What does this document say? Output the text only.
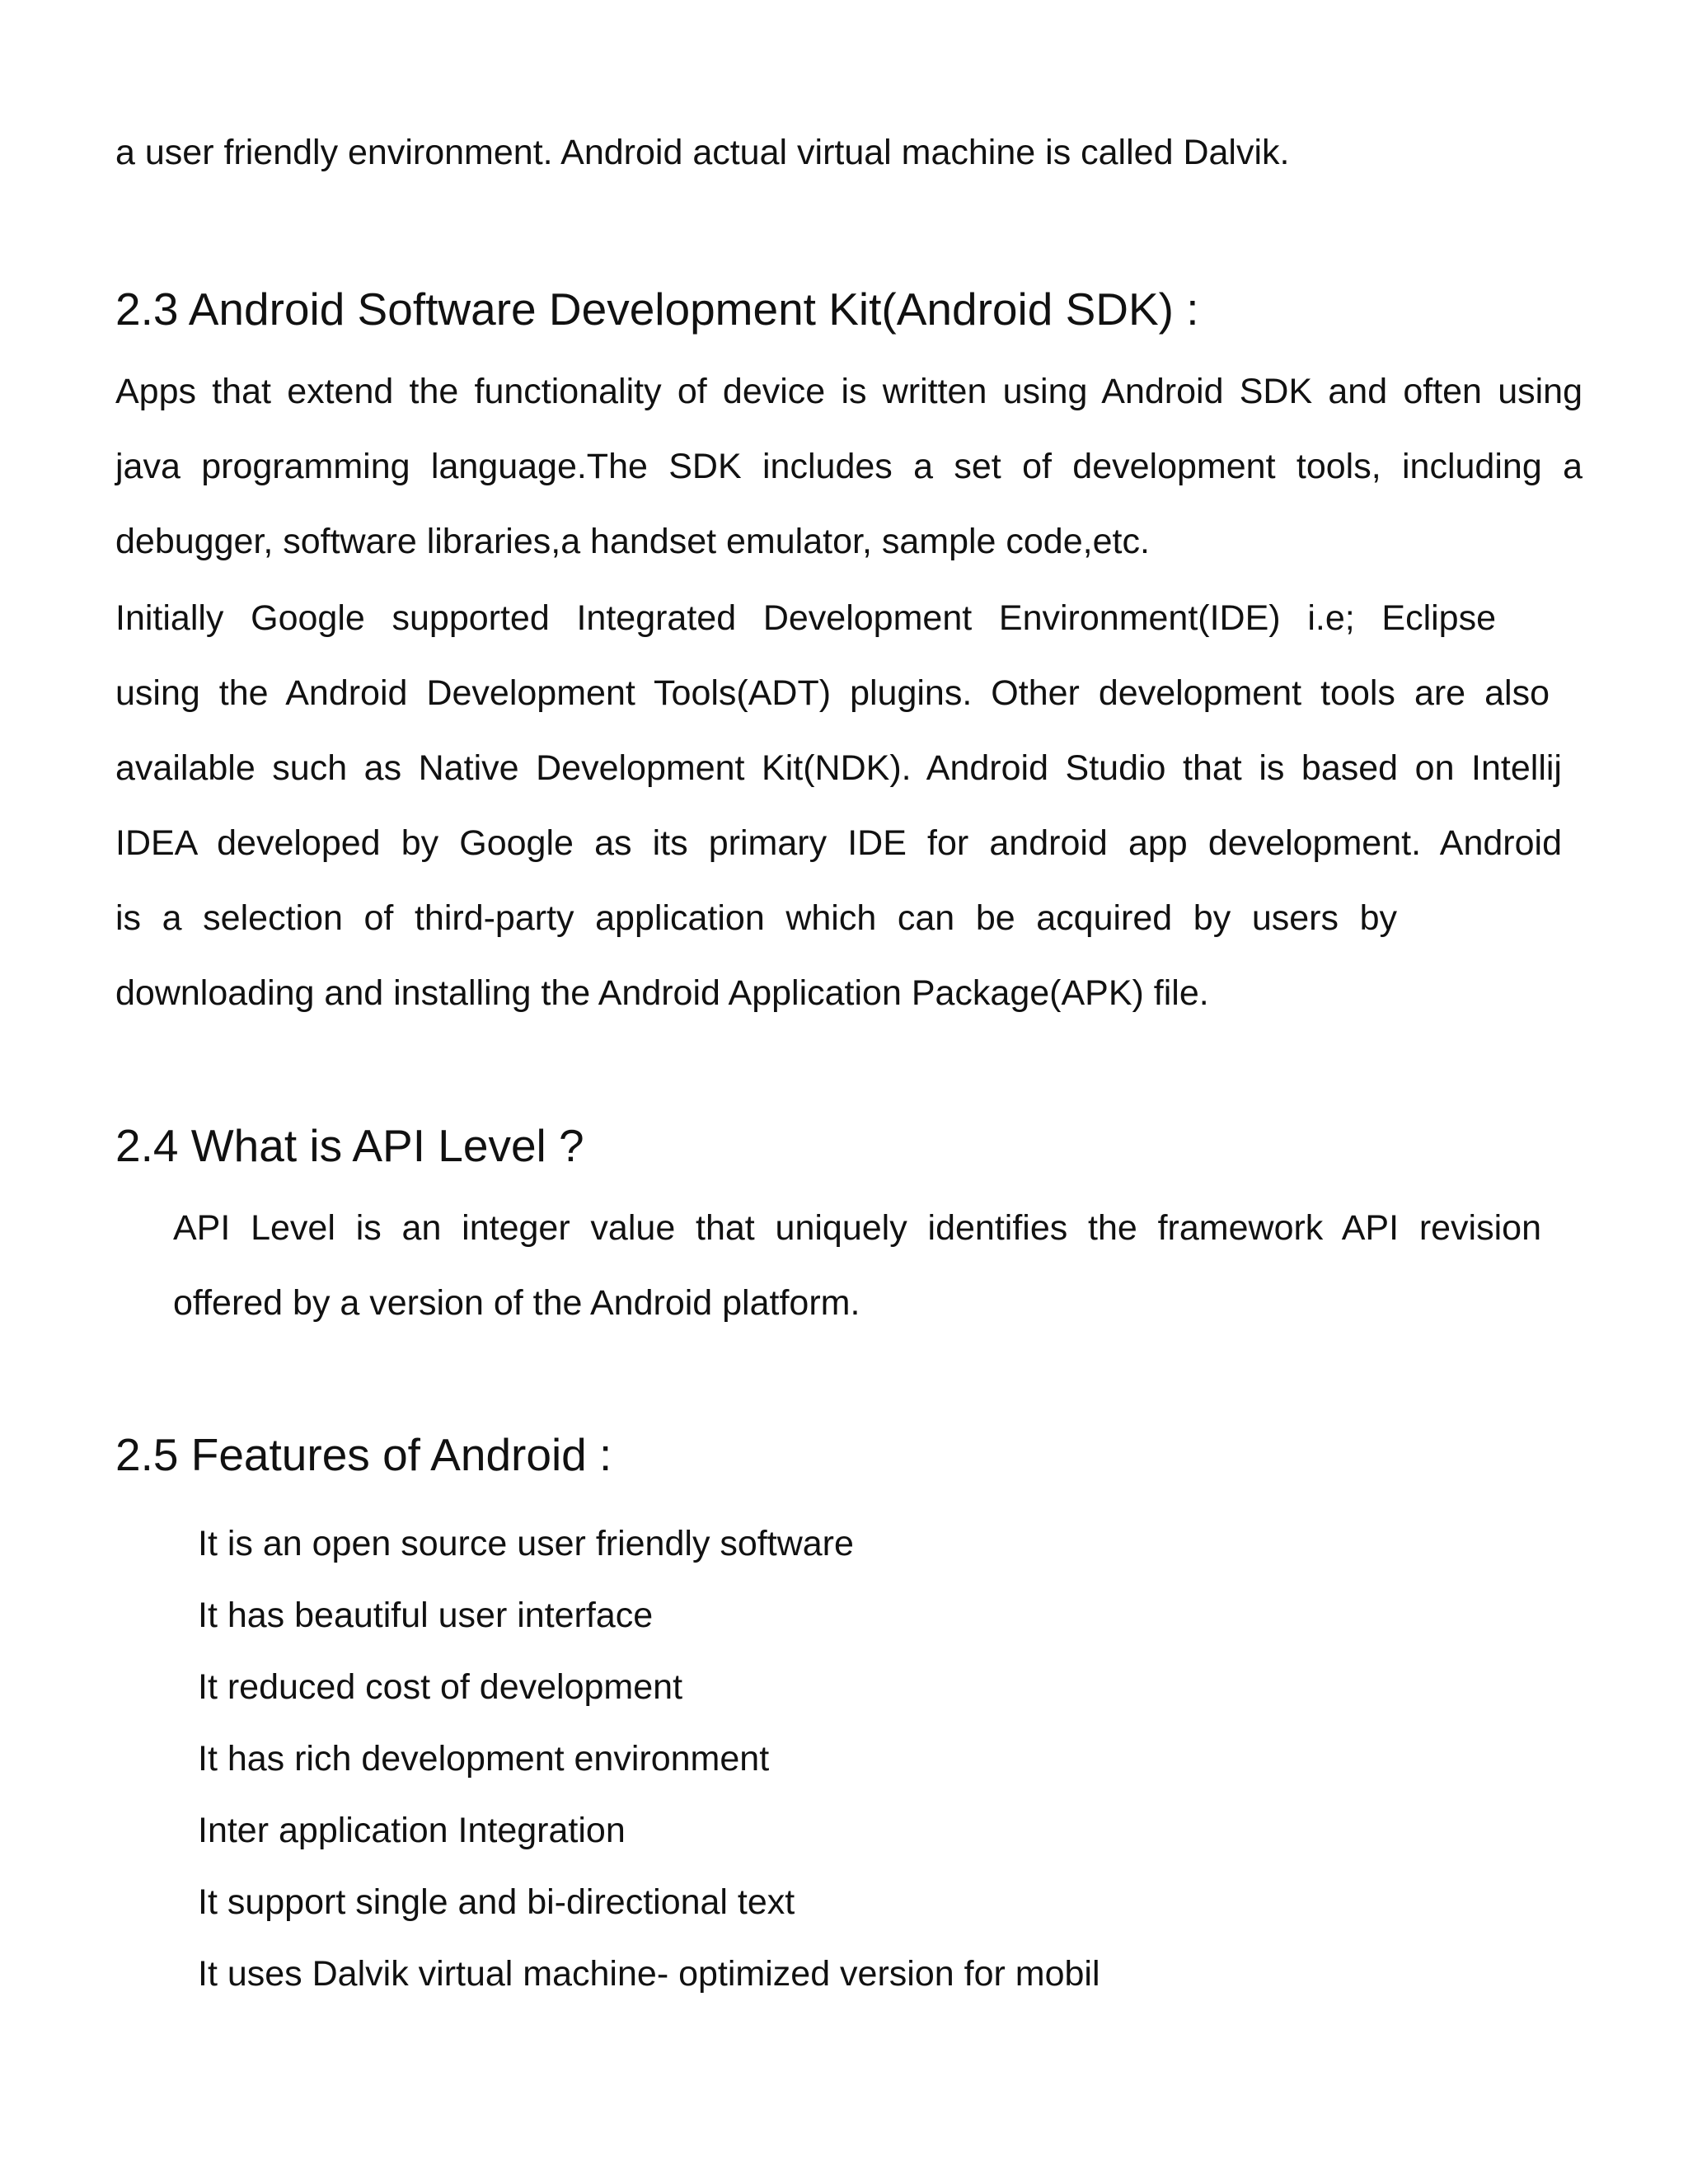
a user friendly environment. Android actual virtual machine is called Dalvik.
2.3 Android Software Development Kit(Android SDK) :
Apps that extend the functionality of device is written using Android SDK and often using
java programming language.The SDK includes a set of development tools, including a
debugger, software libraries,a handset emulator, sample code,etc.
Initially Google supported Integrated Development Environment(IDE) i.e; Eclipse
using the Android Development Tools(ADT) plugins. Other development tools are also
available such as Native Development Kit(NDK). Android Studio that is based on Intellij
IDEA developed by Google as its primary IDE for android app development. Android
is a selection of third-party application which can be acquired by users by
downloading and installing the Android Application Package(APK) file.
2.4 What is API Level ?
API Level is an integer value that uniquely identifies the framework API revision
offered by a version of the Android platform.
2.5 Features of Android :
It is an open source user friendly software
It has beautiful user interface
It reduced cost of development
It has rich development environment
Inter application Integration
It support single and bi-directional text
It uses Dalvik virtual machine- optimized version for mobil
